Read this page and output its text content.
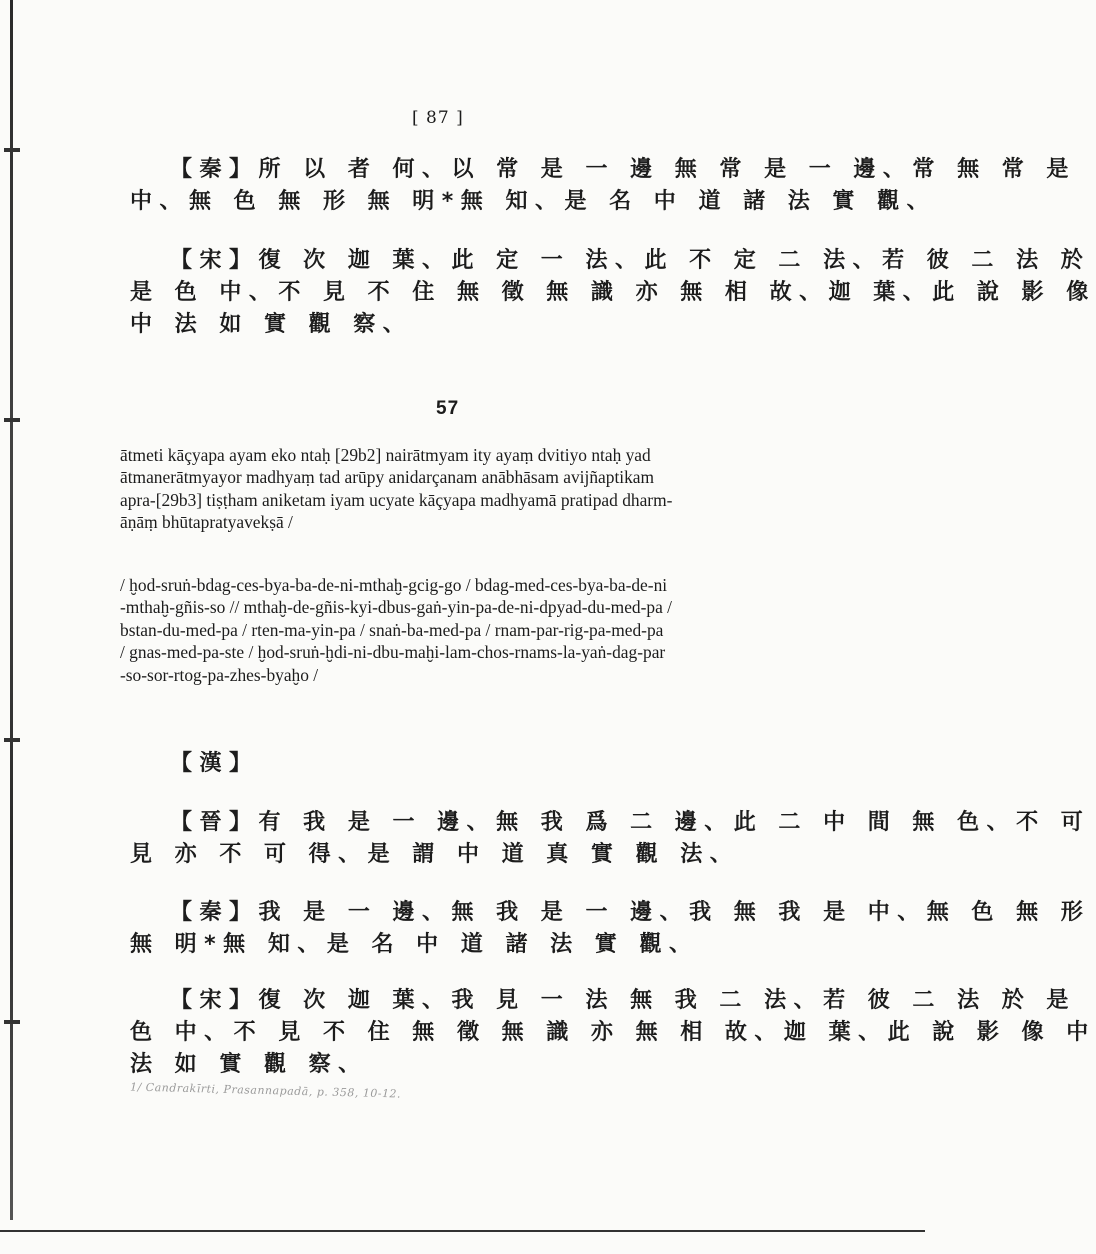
[ 87 ]
【秦】所 以 者 何、以 常 是 一 邊 無 常 是 一 邊、常 無 常 是
中、無 色 無 形 無 明*無 知、是 名 中 道 諸 法 實 觀、
【宋】復 次 迦 葉、此 定 一 法、此 不 定 二 法、若 彼 二 法 於
是 色 中、不 見 不 住 無 徵 無 識 亦 無 相 故、迦 葉、此 說 影 像
中 法 如 實 觀 察、
57
ātmeti kāçyapa ayam eko ntaḥ [29b2] nairātmyam ity ayaṃ dvitiyo ntaḥ yad
ātmanerātmyayor madhyaṃ tad arūpy anidarçanam anābhāsam avijñaptikam
apra-[29b3] tiṣṭham aniketam iyam ucyate kāçyapa madhyamā pratipad dharm-
āṇāṃ bhūtapratyavekṣā /
/ ḫod-sruṅ-bdag-ces-bya-ba-de-ni-mthaḫ-gcig-go / bdag-med-ces-bya-ba-de-ni
-mthaḫ-gñis-so // mthaḫ-de-gñis-kyi-dbus-gaṅ-yin-pa-de-ni-dpyad-du-med-pa /
bstan-du-med-pa / rten-ma-yin-pa / snaṅ-ba-med-pa / rnam-par-rig-pa-med-pa
/ gnas-med-pa-ste / ḫod-sruṅ-ḫdi-ni-dbu-maḫi-lam-chos-rnams-la-yaṅ-dag-par
-so-sor-rtog-pa-zhes-byaḫo /
【漢】
【晉】有 我 是 一 邊、無 我 爲 二 邊、此 二 中 間 無 色、不 可
見 亦 不 可 得、是 謂 中 道 真 實 觀 法、
【秦】我 是 一 邊、無 我 是 一 邊、我 無 我 是 中、無 色 無 形
無 明*無 知、是 名 中 道 諸 法 實 觀、
【宋】復 次 迦 葉、我 見 一 法 無 我 二 法、若 彼 二 法 於 是
色 中、不 見 不 住 無 徵 無 識 亦 無 相 故、迦 葉、此 說 影 像 中
法 如 實 觀 察、
1/ Candrakīrti, Prasannapadā, p. 358, 10-12.
